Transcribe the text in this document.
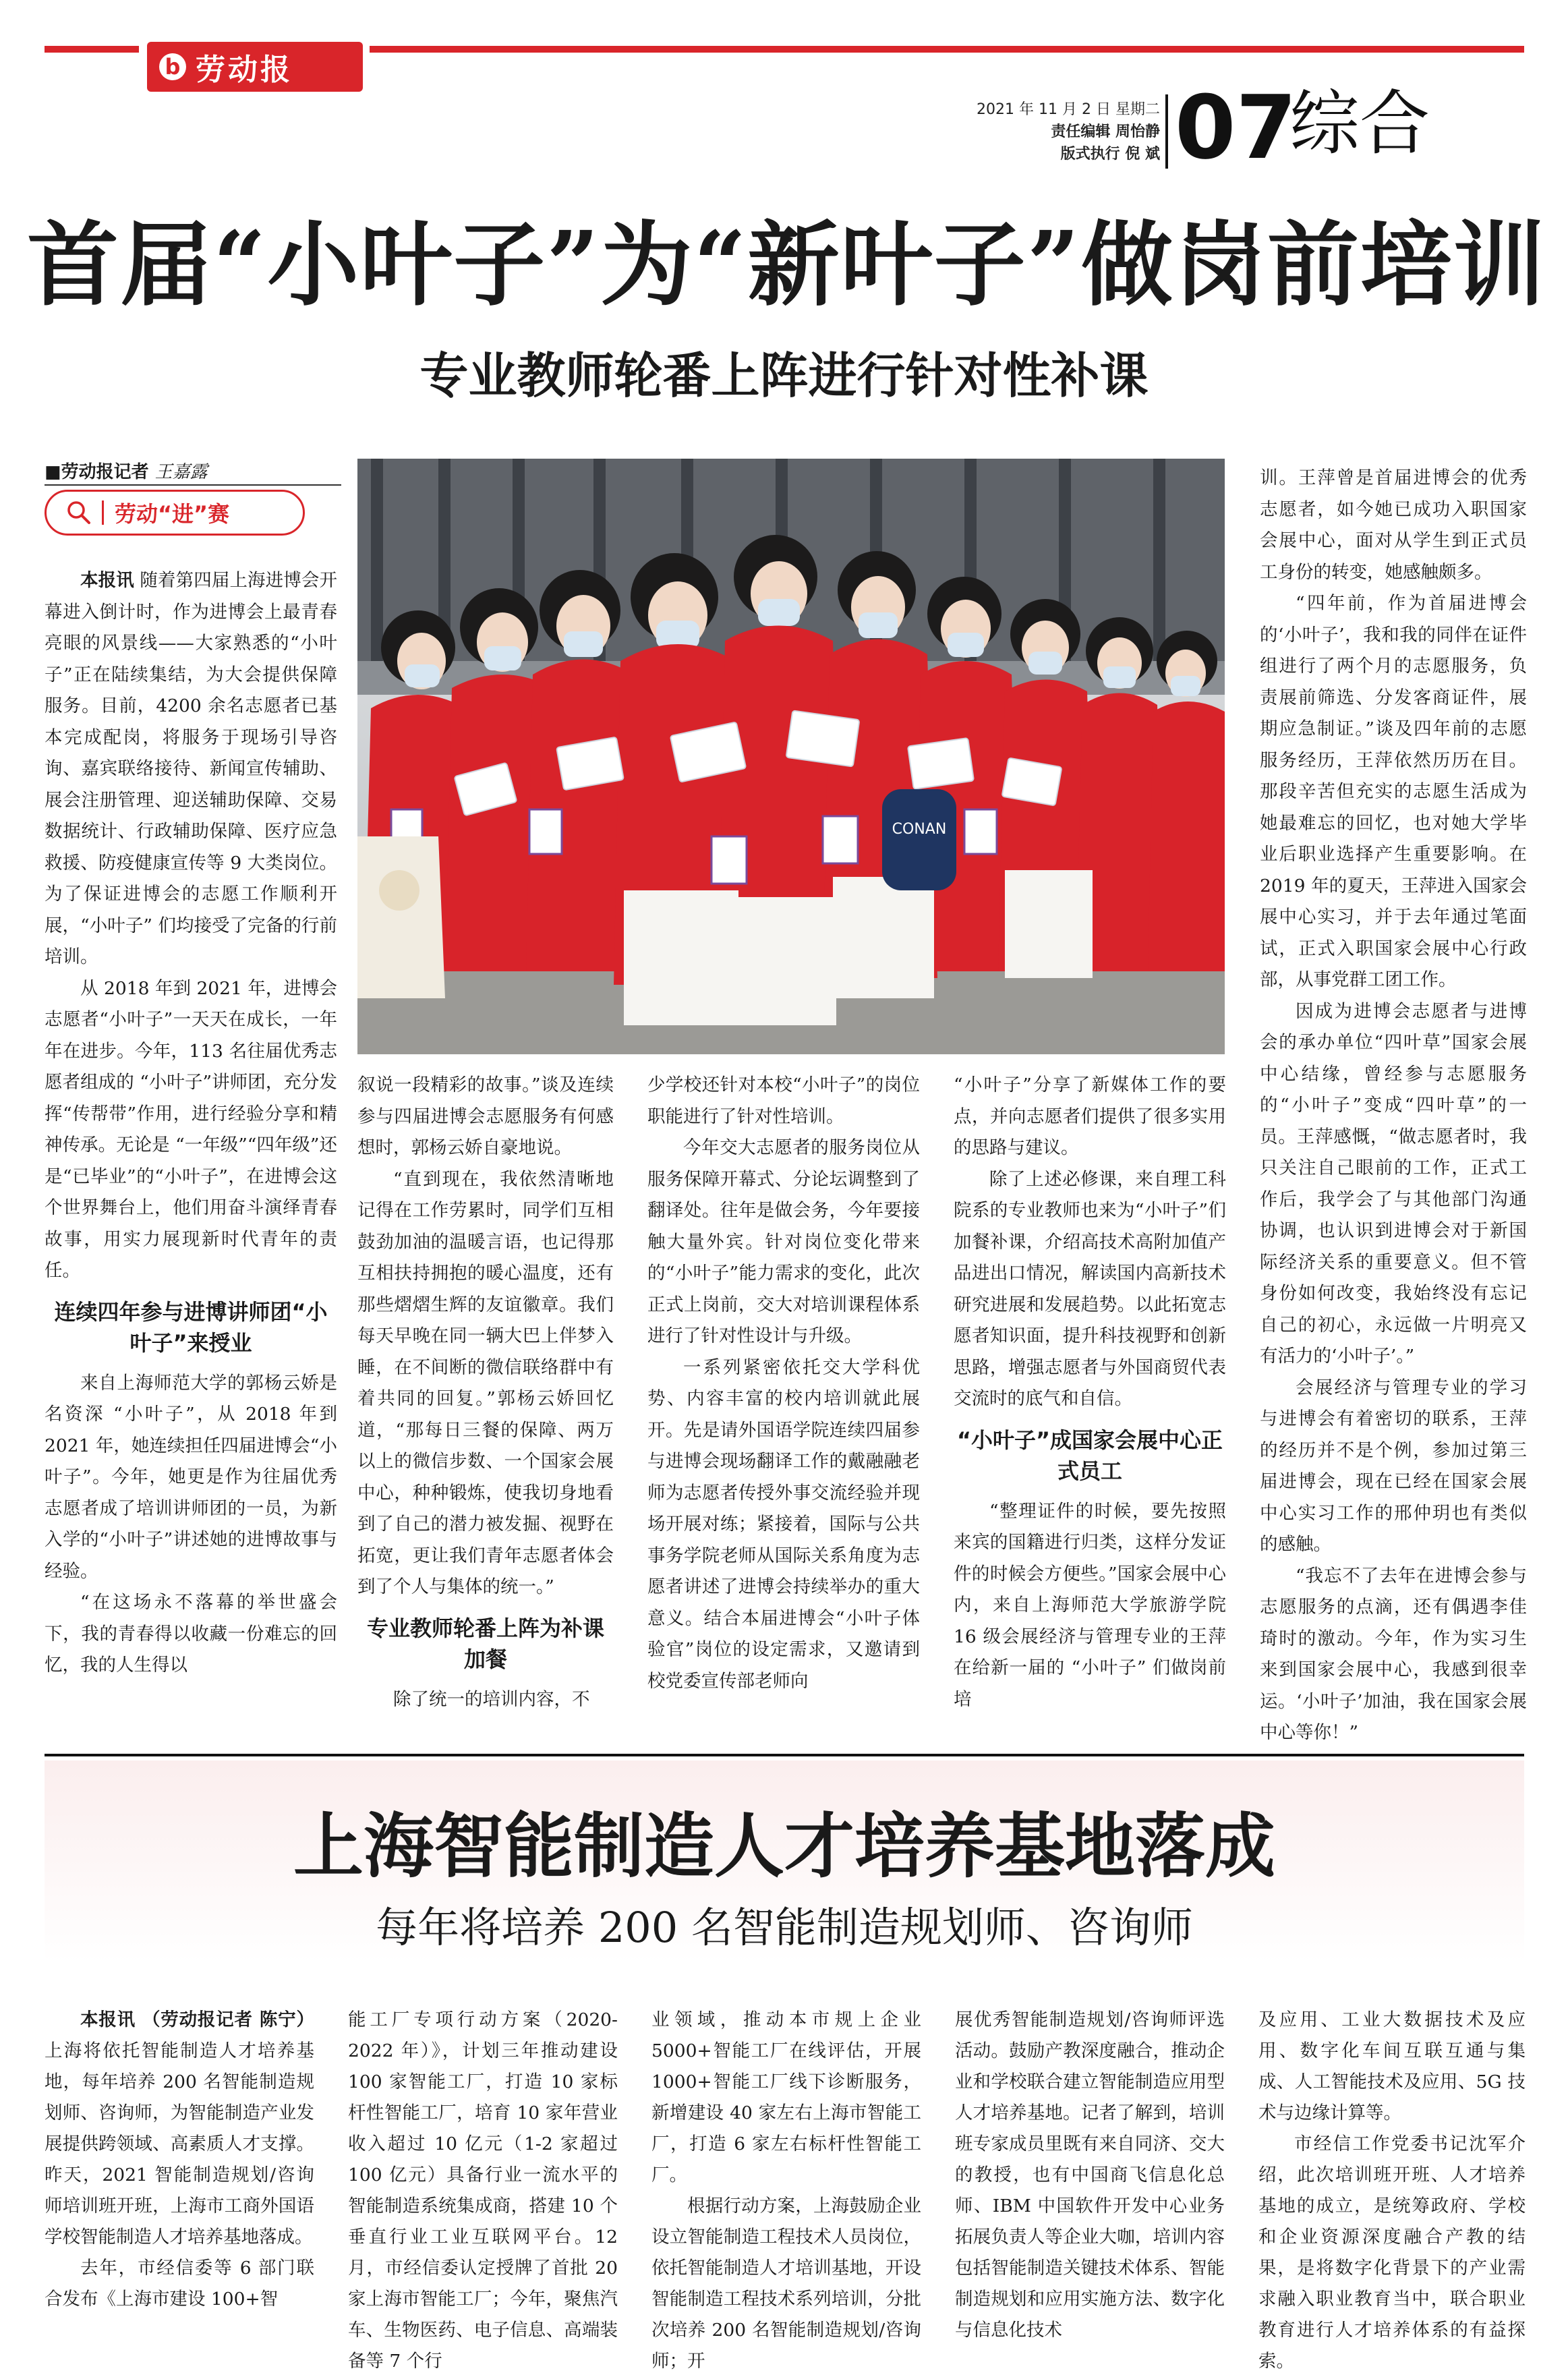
b 劳动报
2021 年 11 月 2 日 星期二
责任编辑 周怡静
版式执行 倪 斌 07
综合
首届“小叶子”为“新叶子”做岗前培训
专业教师轮番上阵进行针对性补课
■劳动报记者 王嘉露
劳动“进”赛

本报讯 随着第四届上海进博会开幕进入倒计时，作为进博会上最青春亮眼的风景线——大家熟悉的“小叶子”正在陆续集结，为大会提供保障服务。目前，4200 余名志愿者已基本完成配岗，将服务于现场引导咨询、嘉宾联络接待、新闻宣传辅助、展会注册管理、迎送辅助保障、交易数据统计、行政辅助保障、医疗应急救援、防疫健康宣传等 9 大类岗位。为了保证进博会的志愿工作顺利开展，“小叶子” 们均接受了完备的行前培训。

从 2018 年到 2021 年，进博会志愿者“小叶子”一天天在成长，一年年在进步。今年，113 名往届优秀志愿者组成的 “小叶子”讲师团，充分发挥“传帮带”作用，进行经验分享和精神传承。无论是 “一年级”“四年级”还是“已毕业”的“小叶子”，在进博会这个世界舞台上，他们用奋斗演绎青春故事，用实力展现新时代青年的责任。

连续四年参与进博讲师团“小叶子”来授业

来自上海师范大学的郭杨云娇是名资深 “小叶子”，从 2018 年到 2021 年，她连续担任四届进博会“小叶子”。今年，她更是作为往届优秀志愿者成了培训讲师团的一员，为新入学的“小叶子”讲述她的进博故事与经验。

“在这场永不落幕的举世盛会下，我的青春得以收藏一份难忘的回忆，我的人生得以

CONAN

叙说一段精彩的故事。”谈及连续参与四届进博会志愿服务有何感想时，郭杨云娇自豪地说。

“直到现在，我依然清晰地记得在工作劳累时，同学们互相鼓劲加油的温暖言语，也记得那互相扶持拥抱的暖心温度，还有那些熠熠生辉的友谊徽章。我们每天早晚在同一辆大巴上伴梦入睡，在不间断的微信联络群中有着共同的回复。”郭杨云娇回忆道，“那每日三餐的保障、两万以上的微信步数、一个国家会展中心，种种锻炼，使我切身地看到了自己的潜力被发掘、视野在拓宽，更让我们青年志愿者体会到了个人与集体的统一。”

专业教师轮番上阵为补课加餐

除了统一的培训内容，不

少学校还针对本校“小叶子”的岗位职能进行了针对性培训。

今年交大志愿者的服务岗位从服务保障开幕式、分论坛调整到了翻译处。往年是做会务，今年要接触大量外宾。针对岗位变化带来的“小叶子”能力需求的变化，此次正式上岗前，交大对培训课程体系进行了针对性设计与升级。

一系列紧密依托交大学科优势、内容丰富的校内培训就此展开。先是请外国语学院连续四届参与进博会现场翻译工作的戴融融老师为志愿者传授外事交流经验并现场开展对练；紧接着，国际与公共事务学院老师从国际关系角度为志愿者讲述了进博会持续举办的重大意义。结合本届进博会“小叶子体验官”岗位的设定需求，又邀请到校党委宣传部老师向

“小叶子”分享了新媒体工作的要点，并向志愿者们提供了很多实用的思路与建议。

除了上述必修课，来自理工科院系的专业教师也来为“小叶子”们加餐补课，介绍高技术高附加值产品进出口情况，解读国内高新技术研究进展和发展趋势。以此拓宽志愿者知识面，提升科技视野和创新思路，增强志愿者与外国商贸代表交流时的底气和自信。

“小叶子”成国家会展中心正式员工

“整理证件的时候，要先按照来宾的国籍进行归类，这样分发证件的时候会方便些。”国家会展中心内，来自上海师范大学旅游学院 16 级会展经济与管理专业的王萍在给新一届的 “小叶子” 们做岗前培

训。王萍曾是首届进博会的优秀志愿者，如今她已成功入职国家会展中心，面对从学生到正式员工身份的转变，她感触颇多。

“四年前，作为首届进博会的‘小叶子’，我和我的同伴在证件组进行了两个月的志愿服务，负责展前筛选、分发客商证件，展期应急制证。”谈及四年前的志愿服务经历，王萍依然历历在目。那段辛苦但充实的志愿生活成为她最难忘的回忆，也对她大学毕业后职业选择产生重要影响。在 2019 年的夏天，王萍进入国家会展中心实习，并于去年通过笔面试，正式入职国家会展中心行政部，从事党群工团工作。

因成为进博会志愿者与进博会的承办单位“四叶草”国家会展中心结缘，曾经参与志愿服务的“小叶子”变成“四叶草”的一员。王萍感慨，“做志愿者时，我只关注自己眼前的工作，正式工作后，我学会了与其他部门沟通协调，也认识到进博会对于新国际经济关系的重要意义。但不管身份如何改变，我始终没有忘记自己的初心，永远做一片明亮又有活力的‘小叶子’。”

会展经济与管理专业的学习与进博会有着密切的联系，王萍的经历并不是个例，参加过第三届进博会，现在已经在国家会展中心实习工作的邢仲玥也有类似的感触。

“我忘不了去年在进博会参与志愿服务的点滴，还有偶遇李佳琦时的激动。今年，作为实习生来到国家会展中心，我感到很幸运。‘小叶子’加油，我在国家会展中心等你！”

上海智能制造人才培养基地落成
每年将培养 200 名智能制造规划师、咨询师

本报讯 （劳动报记者 陈宁）上海将依托智能制造人才培养基地，每年培养 200 名智能制造规划师、咨询师，为智能制造产业发展提供跨领域、高素质人才支撑。昨天，2021 智能制造规划/咨询师培训班开班，上海市工商外国语学校智能制造人才培养基地落成。

去年，市经信委等 6 部门联合发布《上海市建设 100+智

能工厂专项行动方案（2020-2022 年）》，计划三年推动建设 100 家智能工厂，打造 10 家标杆性智能工厂，培育 10 家年营业收入超过 10 亿元（1-2 家超过 100 亿元）具备行业一流水平的智能制造系统集成商，搭建 10 个垂直行业工业互联网平台。12 月，市经信委认定授牌了首批 20 家上海市智能工厂；今年，聚焦汽车、生物医药、电子信息、高端装备等 7 个行

业领域，推动本市规上企业 5000+智能工厂在线评估，开展 1000+智能工厂线下诊断服务，新增建设 40 家左右上海市智能工厂，打造 6 家左右标杆性智能工厂。

根据行动方案，上海鼓励企业设立智能制造工程技术人员岗位，依托智能制造人才培训基地，开设智能制造工程技术系列培训，分批次培养 200 名智能制造规划/咨询师；开

展优秀智能制造规划/咨询师评选活动。鼓励产教深度融合，推动企业和学校联合建立智能制造应用型人才培养基地。记者了解到，培训班专家成员里既有来自同济、交大的教授，也有中国商飞信息化总师、IBM 中国软件开发中心业务拓展负责人等企业大咖，培训内容包括智能制造关键技术体系、智能制造规划和应用实施方法、数字化与信息化技术

及应用、工业大数据技术及应用、数字化车间互联互通与集成、人工智能技术及应用、5G 技术与边缘计算等。

市经信工作党委书记沈军介绍，此次培训班开班、人才培养基地的成立，是统筹政府、学校和企业资源深度融合产教的结果，是将数字化背景下的产业需求融入职业教育当中，联合职业教育进行人才培养体系的有益探索。
